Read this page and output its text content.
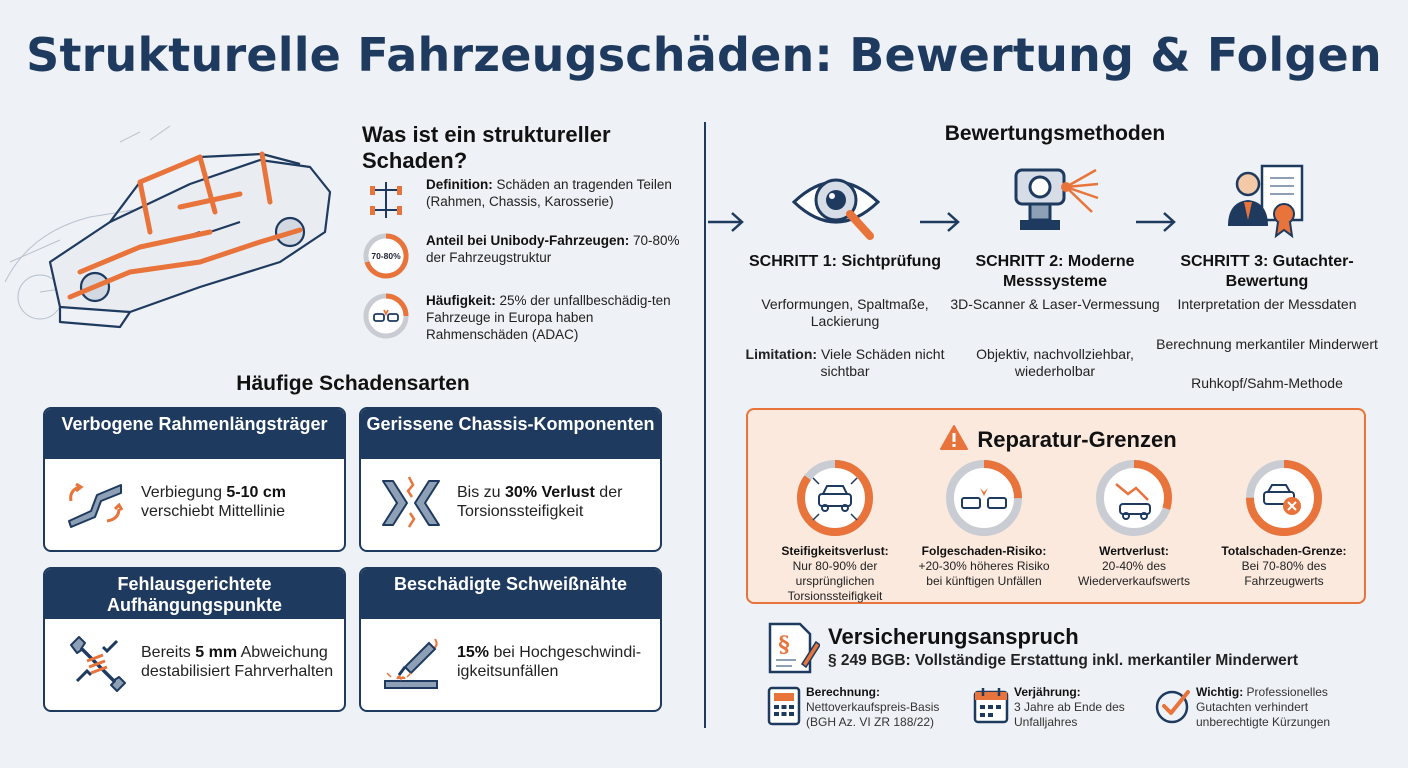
Strukturelle Fahrzeugschäden: Bewertung & Folgen
Was ist ein struktureller Schaden?
Definition: Schäden an tragenden Teilen (Rahmen, Chassis, Karosserie)
70-80%
Anteil bei Unibody-Fahrzeugen: 70-80% der Fahrzeugstruktur
Häufigkeit: 25% der unfallbeschädig-ten Fahrzeuge in Europa haben Rahmenschäden (ADAC)
Häufige Schadensarten
Verbogene Rahmenlängsträger
Verbiegung 5-10 cm verschiebt Mittellinie
Gerissene Chassis-Komponenten
Bis zu 30% Verlust der Torsionssteifigkeit
Fehlausgerichtete Aufhängungspunkte
Bereits 5 mm Abweichung destabilisiert Fahrverhalten
Beschädigte Schweißnähte
15% bei Hochgeschwindi-igkeitsunfällen
Bewertungsmethoden
SCHRITT 1: Sichtprüfung
Verformungen, Spaltmaße, Lackierung
Limitation: Viele Schäden nicht sichtbar
SCHRITT 2: Moderne Messsysteme
3D-Scanner & Laser-Vermessung
Objektiv, nachvollziehbar, wiederholbar
SCHRITT 3: Gutachter-Bewertung
Interpretation der Messdaten
Berechnung merkantiler Minderwert
Ruhkopf/Sahm-Methode
Reparatur-Grenzen
Steifigkeitsverlust:
Nur 80-90% der ursprünglichen Torsionssteifigkeit
Folgeschaden-Risiko:
+20-30% höheres Risiko bei künftigen Unfällen
Wertverlust:
20-40% des Wiederverkaufswerts
Totalschaden-Grenze:
Bei 70-80% des Fahrzeugwerts
§ Versicherungsanspruch
§ 249 BGB: Vollständige Erstattung inkl. merkantiler Minderwert
Berechnung:
Nettoverkaufspreis-Basis (BGH Az. VI ZR 188/22)
Verjährung:
3 Jahre ab Ende des Unfalljahres
Wichtig: Professionelles Gutachten verhindert unberechtigte Kürzungen
